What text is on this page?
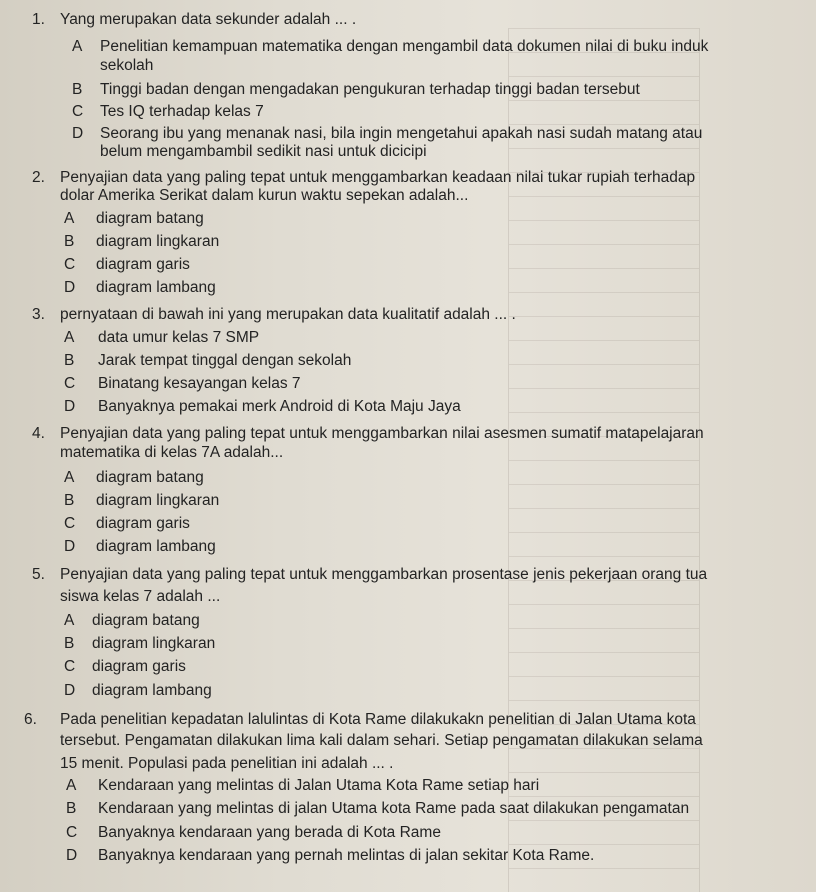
1. Yang merupakan data sekunder adalah ... .
A Penelitian kemampuan matematika dengan mengambil data dokumen nilai di buku induk
sekolah
B Tinggi badan dengan mengadakan pengukuran terhadap tinggi badan tersebut
C Tes IQ terhadap kelas 7
D Seorang ibu yang menanak nasi, bila ingin mengetahui apakah nasi sudah matang atau
belum mengambambil sedikit nasi untuk dicicipi
2. Penyajian data yang paling tepat untuk menggambarkan keadaan nilai tukar rupiah terhadap
dolar Amerika Serikat dalam kurun waktu sepekan adalah...
A diagram batang
B diagram lingkaran
C diagram garis
D diagram lambang
3. pernyataan di bawah ini yang merupakan data kualitatif adalah ... .
A data umur kelas 7 SMP
B Jarak tempat tinggal dengan sekolah
C Binatang kesayangan kelas 7
D Banyaknya pemakai merk Android di Kota Maju Jaya
4. Penyajian data yang paling tepat untuk menggambarkan nilai asesmen sumatif matapelajaran
matematika di kelas 7A adalah...
A diagram batang
B diagram lingkaran
C diagram garis
D diagram lambang
5. Penyajian data yang paling tepat untuk menggambarkan prosentase jenis pekerjaan orang tua
siswa kelas 7 adalah ...
A diagram batang
B diagram lingkaran
C diagram garis
D diagram lambang
6. Pada penelitian kepadatan lalulintas di Kota Rame dilakukakn penelitian di Jalan Utama kota
tersebut. Pengamatan dilakukan lima kali dalam sehari. Setiap pengamatan dilakukan selama
15 menit. Populasi pada penelitian ini adalah ... .
A Kendaraan yang melintas di Jalan Utama Kota Rame setiap hari
B Kendaraan yang melintas di jalan Utama kota Rame pada saat dilakukan pengamatan
C Banyaknya kendaraan yang berada di Kota Rame
D Banyaknya kendaraan yang pernah melintas di jalan sekitar Kota Rame.
